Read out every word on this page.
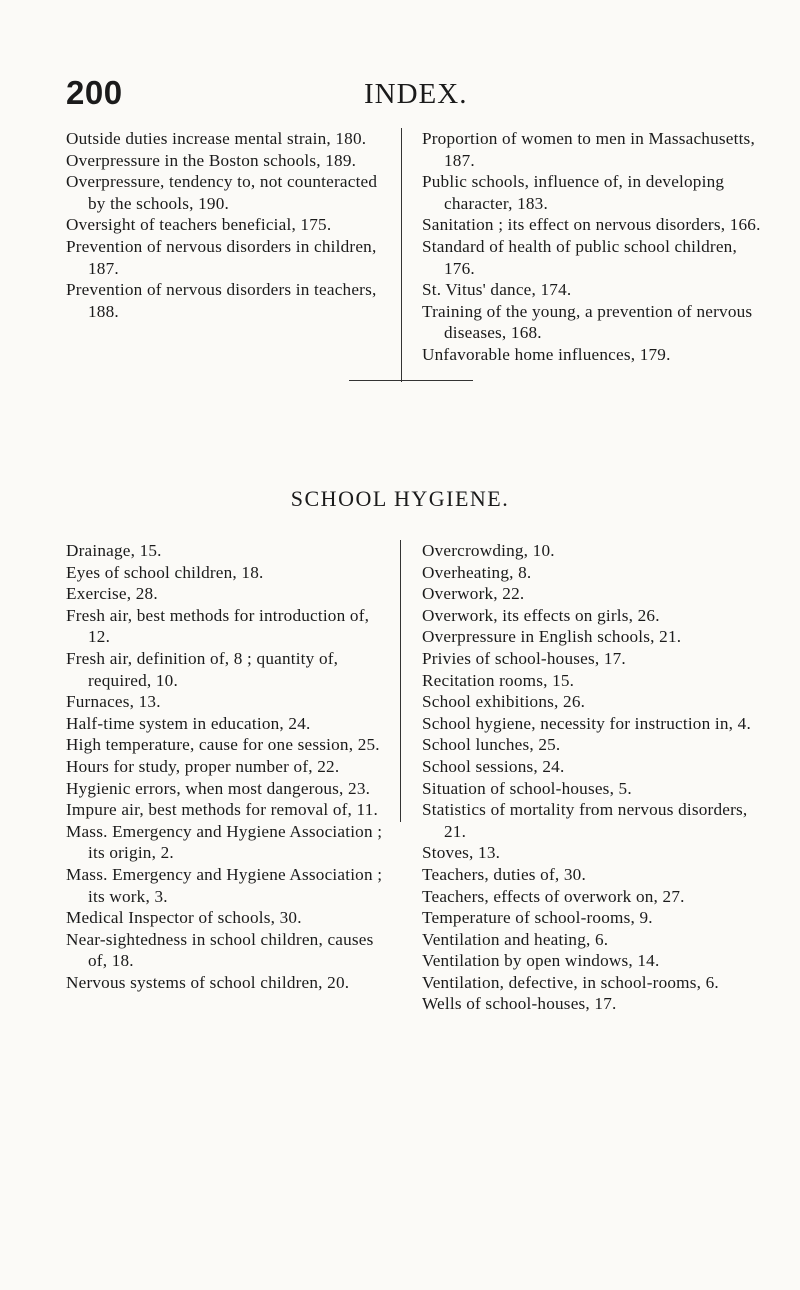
200	INDEX.

Outside duties increase mental strain, 180.

Overpressure in the Boston schools, 189.

Overpressure, tendency to, not counteracted by the schools, 190.

Oversight of teachers beneficial, 175.

Prevention of nervous disorders in children, 187.

Prevention of nervous disorders in teachers, 188.

Proportion of women to men in Massachusetts, 187.

Public schools, influence of, in developing character, 183.

Sanitation ; its effect on nervous disorders, 166.

Standard of health of public school children, 176.

St. Vitus' dance, 174.

Training of the young, a prevention of nervous diseases, 168.

Unfavorable home influences, 179.

SCHOOL HYGIENE.

Drainage, 15.

Eyes of school children, 18.

Exercise, 28.

Fresh air, best methods for introduction of, 12.

Fresh air, definition of, 8 ; quantity of, required, 10.

Furnaces, 13.

Half-time system in education, 24.

High temperature, cause for one session, 25.

Hours for study, proper number of, 22.

Hygienic errors, when most dangerous, 23.

Impure air, best methods for removal of, 11.

Mass. Emergency and Hygiene Association ; its origin, 2.

Mass. Emergency and Hygiene Association ; its work, 3.

Medical Inspector of schools, 30.

Near-sightedness in school children, causes of, 18.

Nervous systems of school children, 20.

Overcrowding, 10.

Overheating, 8.

Overwork, 22.

Overwork, its effects on girls, 26.

Overpressure in English schools, 21.

Privies of school-houses, 17.

Recitation rooms, 15.

School exhibitions, 26.

School hygiene, necessity for instruction in, 4.

School lunches, 25.

School sessions, 24.

Situation of school-houses, 5.

Statistics of mortality from nervous disorders, 21.

Stoves, 13.

Teachers, duties of, 30.

Teachers, effects of overwork on, 27.

Temperature of school-rooms, 9.

Ventilation and heating, 6.

Ventilation by open windows, 14.

Ventilation, defective, in school-rooms, 6.

Wells of school-houses, 17.
